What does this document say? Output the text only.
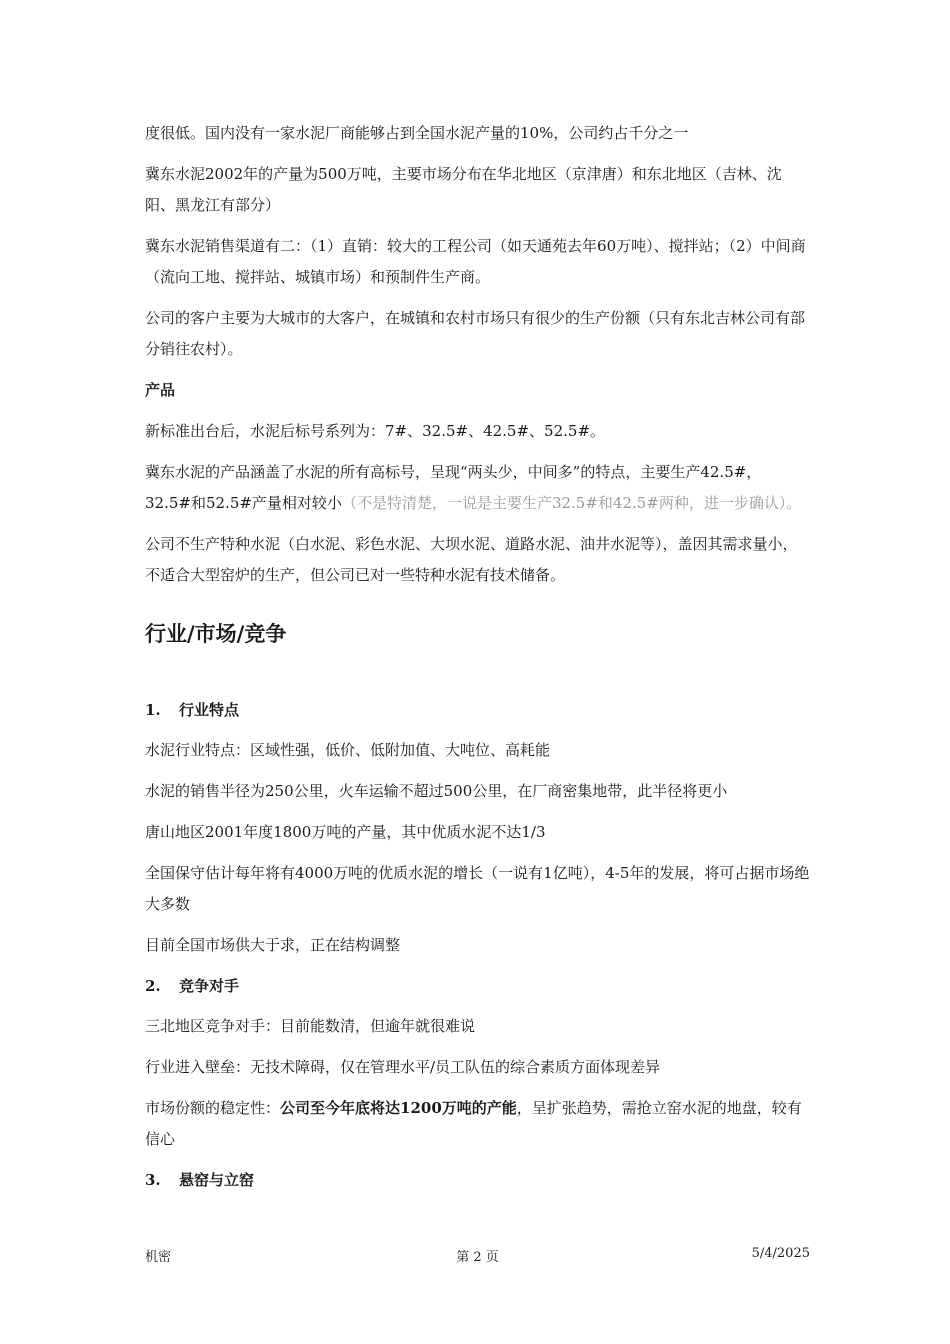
度很低。国内没有一家水泥厂商能够占到全国水泥产量的10%，公司约占千分之一

冀东水泥2002年的产量为500万吨，主要市场分布在华北地区（京津唐）和东北地区（吉林、沈阳、黑龙江有部分）

冀东水泥销售渠道有二：（1）直销：较大的工程公司（如天通苑去年60万吨）、搅拌站；（2）中间商（流向工地、搅拌站、城镇市场）和预制件生产商。

公司的客户主要为大城市的大客户，在城镇和农村市场只有很少的生产份额（只有东北吉林公司有部分销往农村）。

产品

新标准出台后，水泥后标号系列为：7#、32.5#、42.5#、52.5#。

冀东水泥的产品涵盖了水泥的所有高标号，呈现“两头少，中间多”的特点，主要生产42.5#， 32.5#和52.5#产量相对较小（不是特清楚，一说是主要生产32.5#和42.5#两种，进一步确认）。

公司不生产特种水泥（白水泥、彩色水泥、大坝水泥、道路水泥、油井水泥等），盖因其需求量小，不适合大型窑炉的生产，但公司已对一些特种水泥有技术储备。

行业/市场/竞争
1. 行业特点

水泥行业特点：区域性强，低价、低附加值、大吨位、高耗能

水泥的销售半径为250公里，火车运输不超过500公里，在厂商密集地带，此半径将更小

唐山地区2001年度1800万吨的产量，其中优质水泥不达1/3

全国保守估计每年将有4000万吨的优质水泥的增长（一说有1亿吨），4-5年的发展，将可占据市场绝大多数

目前全国市场供大于求，正在结构调整

2. 竞争对手

三北地区竞争对手：目前能数清，但逾年就很难说

行业进入壁垒：无技术障碍，仅在管理水平/员工队伍的综合素质方面体现差异

市场份额的稳定性：公司至今年底将达1200万吨的产能，呈扩张趋势，需抢立窑水泥的地盘，较有信心

3. 悬窑与立窑
机密	第 2 页	5/4/2025
